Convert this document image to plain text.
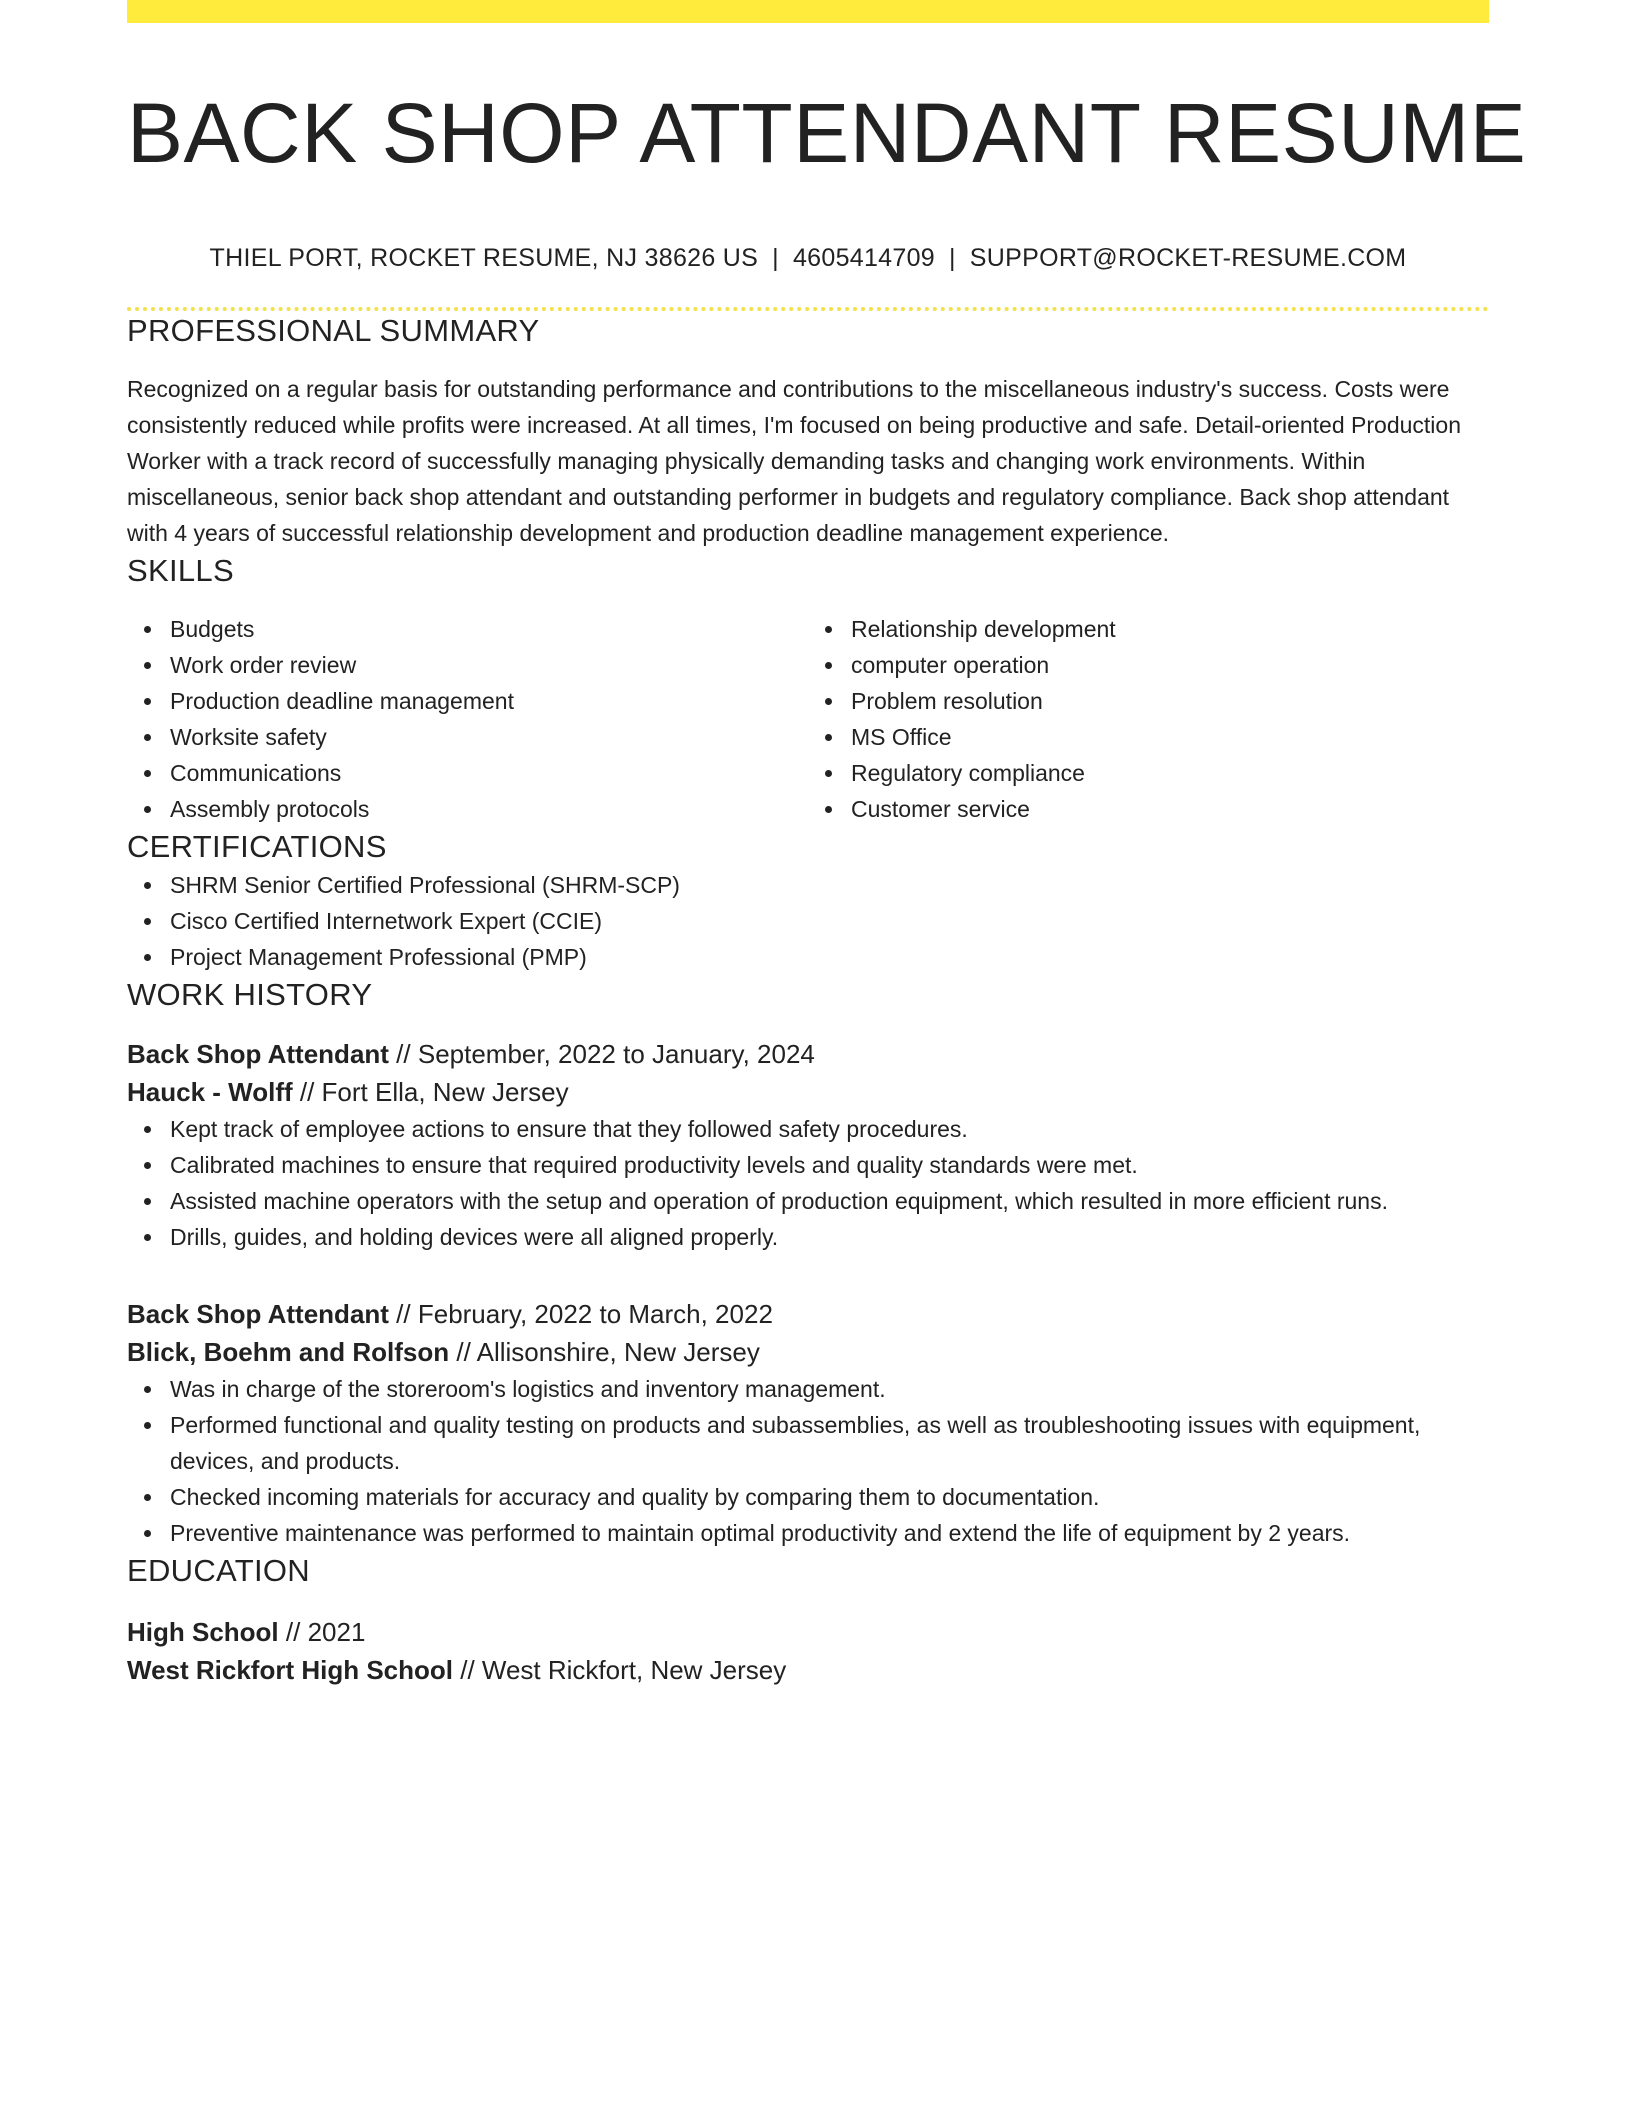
BACK SHOP ATTENDANT RESUME
THIEL PORT, ROCKET RESUME, NJ 38626 US | 4605414709 | SUPPORT@ROCKET-RESUME.COM
PROFESSIONAL SUMMARY

Recognized on a regular basis for outstanding performance and contributions to the miscellaneous industry's success. Costs were consistently reduced while profits were increased. At all times, I'm focused on being productive and safe. Detail-oriented Production Worker with a track record of successfully managing physically demanding tasks and changing work environments. Within miscellaneous, senior back shop attendant and outstanding performer in budgets and regulatory compliance. Back shop attendant with 4 years of successful relationship development and production deadline management experience.

SKILLS
Budgets
Work order review
Production deadline management
Worksite safety
Communications
Assembly protocols
Relationship development
computer operation
Problem resolution
MS Office
Regulatory compliance
Customer service
CERTIFICATIONS
SHRM Senior Certified Professional (SHRM-SCP)
Cisco Certified Internetwork Expert (CCIE)
Project Management Professional (PMP)
WORK HISTORY
Back Shop Attendant // September, 2022 to January, 2024
Hauck - Wolff // Fort Ella, New Jersey
Kept track of employee actions to ensure that they followed safety procedures.
Calibrated machines to ensure that required productivity levels and quality standards were met.
Assisted machine operators with the setup and operation of production equipment, which resulted in more efficient runs.
Drills, guides, and holding devices were all aligned properly.
Back Shop Attendant // February, 2022 to March, 2022
Blick, Boehm and Rolfson // Allisonshire, New Jersey
Was in charge of the storeroom's logistics and inventory management.
Performed functional and quality testing on products and subassemblies, as well as troubleshooting issues with equipment, devices, and products.
Checked incoming materials for accuracy and quality by comparing them to documentation.
Preventive maintenance was performed to maintain optimal productivity and extend the life of equipment by 2 years.
EDUCATION
High School // 2021
West Rickfort High School // West Rickfort, New Jersey
